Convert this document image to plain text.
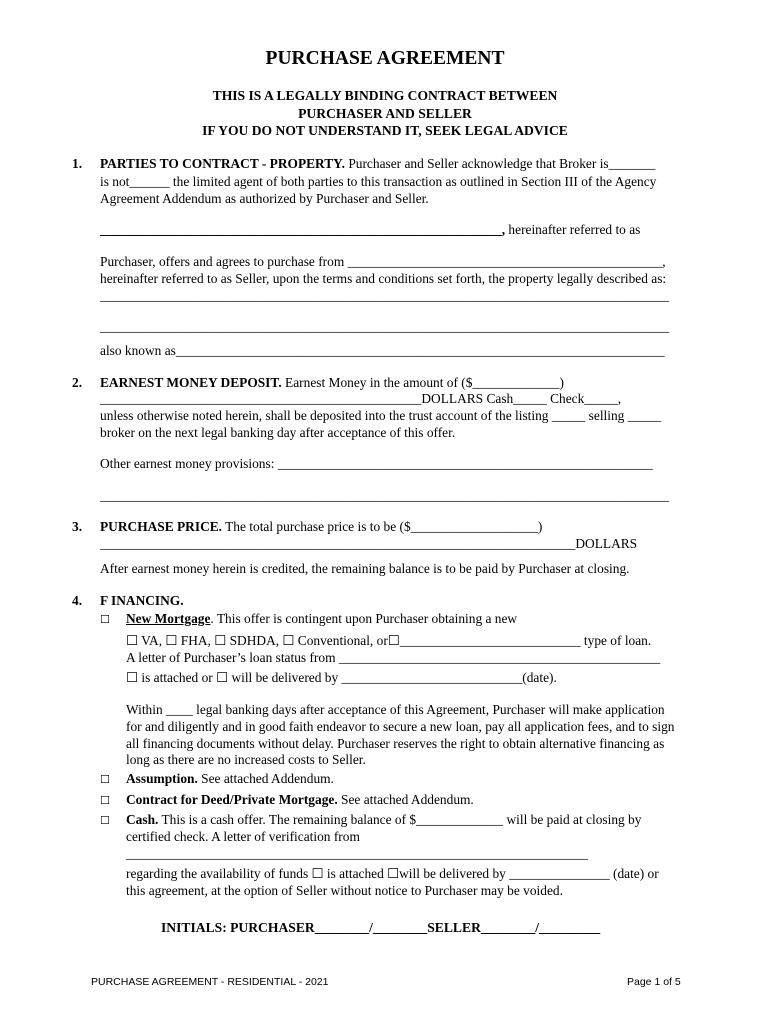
PURCHASE AGREEMENT
THIS IS A LEGALLY BINDING CONTRACT BETWEEN
PURCHASER AND SELLER
IF YOU DO NOT UNDERSTAND IT, SEEK LEGAL ADVICE
1. PARTIES TO CONTRACT - PROPERTY. Purchaser and Seller acknowledge that Broker is_______
is not______ the limited agent of both parties to this transaction as outlined in Section III of the Agency
Agreement Addendum as authorized by Purchaser and Seller.
____________________________________________________________, hereinafter referred to as
Purchaser, offers and agrees to purchase from _______________________________________________,
hereinafter referred to as Seller, upon the terms and conditions set forth, the property legally described as:
_____________________________________________________________________________________
_____________________________________________________________________________________
also known as_________________________________________________________________________
2. EARNEST MONEY DEPOSIT. Earnest Money in the amount of ($_____________)
________________________________________________DOLLARS Cash_____ Check_____,
unless otherwise noted herein, shall be deposited into the trust account of the listing _____ selling _____
broker on the next legal banking day after acceptance of this offer.
Other earnest money provisions: ________________________________________________________
_____________________________________________________________________________________
3. PURCHASE PRICE. The total purchase price is to be ($___________________)
_______________________________________________________________________DOLLARS
After earnest money herein is credited, the remaining balance is to be paid by Purchaser at closing.
4. F INANCING.
☐ New Mortgage. This offer is contingent upon Purchaser obtaining a new
☐ VA, ☐ FHA, ☐ SDHDA, ☐ Conventional, or☐___________________________ type of loan.
A letter of Purchaser’s loan status from ________________________________________________
☐ is attached or ☐ will be delivered by ___________________________(date).
Within ____ legal banking days after acceptance of this Agreement, Purchaser will make application
for and diligently and in good faith endeavor to secure a new loan, pay all application fees, and to sign
all financing documents without delay. Purchaser reserves the right to obtain alternative financing as
long as there are no increased costs to Seller.
☐ Assumption. See attached Addendum.
☐ Contract for Deed/Private Mortgage. See attached Addendum.
☐ Cash. This is a cash offer. The remaining balance of $_____________ will be paid at closing by
certified check. A letter of verification from
_____________________________________________________________________
regarding the availability of funds ☐ is attached ☐will be delivered by _______________ (date) or
this agreement, at the option of Seller without notice to Purchaser may be voided.
INITIALS: PURCHASER________/________SELLER________/_________
PURCHASE AGREEMENT - RESIDENTIAL - 2021	Page 1 of 5
